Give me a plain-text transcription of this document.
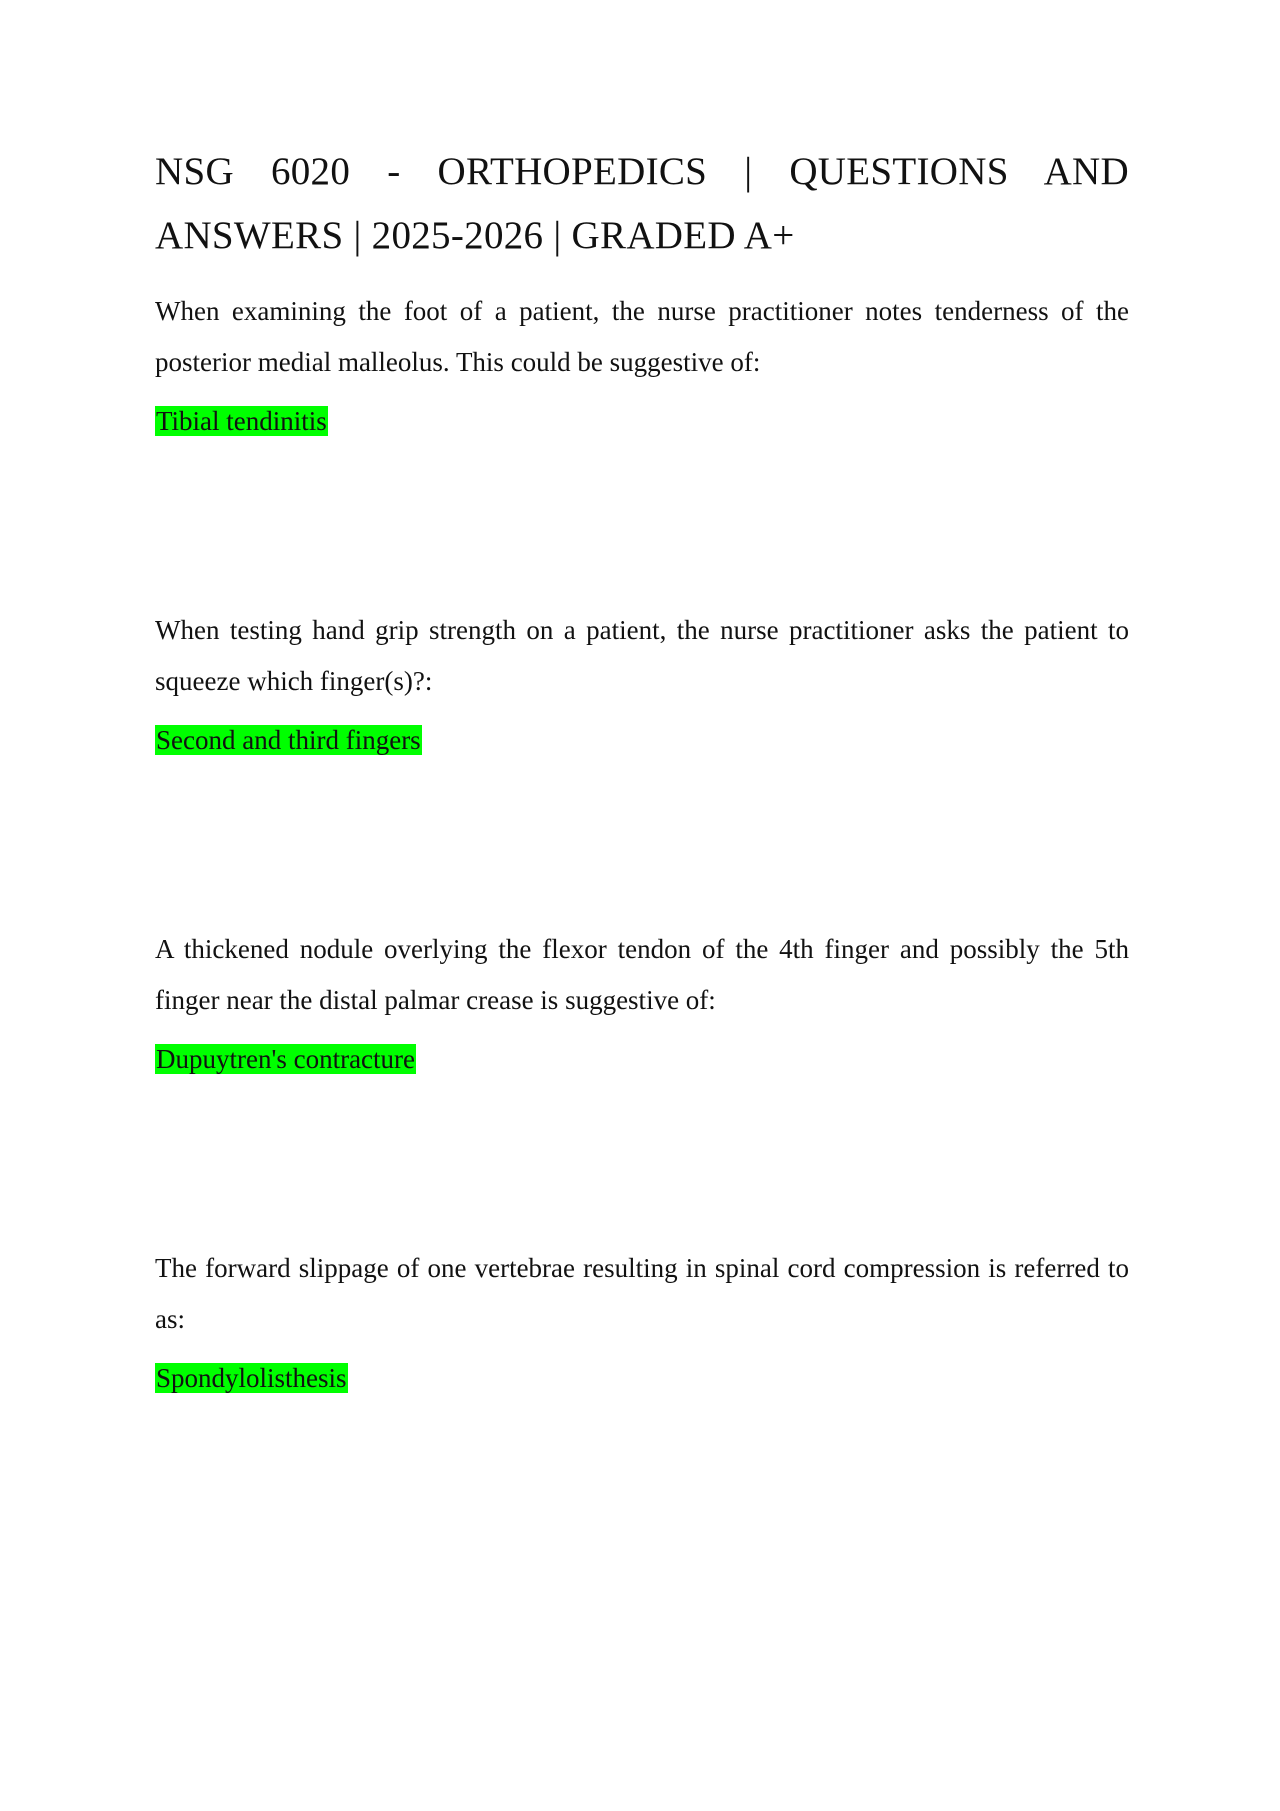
NSG 6020 - ORTHOPEDICS | QUESTIONS AND ANSWERS | 2025-2026 | GRADED A+

When examining the foot of a patient, the nurse practitioner notes tenderness of the posterior medial malleolus. This could be suggestive of:

Tibial tendinitis

When testing hand grip strength on a patient, the nurse practitioner asks the patient to squeeze which finger(s)?:

Second and third fingers

A thickened nodule overlying the flexor tendon of the 4th finger and possibly the 5th finger near the distal palmar crease is suggestive of:

Dupuytren's contracture

The forward slippage of one vertebrae resulting in spinal cord compression is referred to as:

Spondylolisthesis
